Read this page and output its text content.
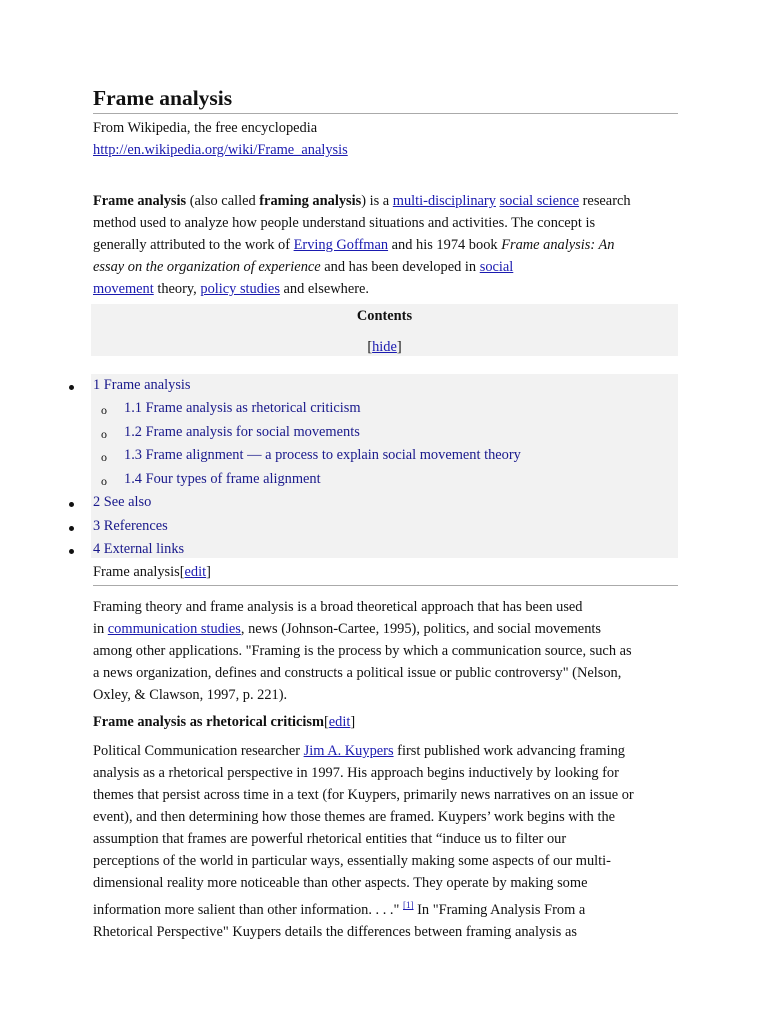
Frame analysis
From Wikipedia, the free encyclopedia
http://en.wikipedia.org/wiki/Frame_analysis
Frame analysis (also called framing analysis) is a multi-disciplinary social science research
method used to analyze how people understand situations and activities. The concept is
generally attributed to the work of Erving Goffman and his 1974 book Frame analysis: An
essay on the organization of experience and has been developed in social
movement theory, policy studies and elsewhere.
Contents
[hide]
1 Frame analysis
o 1.1 Frame analysis as rhetorical criticism
o 1.2 Frame analysis for social movements
o 1.3 Frame alignment — a process to explain social movement theory
o 1.4 Four types of frame alignment
2 See also
3 References
4 External links
Frame analysis[edit]
Framing theory and frame analysis is a broad theoretical approach that has been used
in communication studies, news (Johnson-Cartee, 1995), politics, and social movements
among other applications. "Framing is the process by which a communication source, such as
a news organization, defines and constructs a political issue or public controversy" (Nelson,
Oxley, & Clawson, 1997, p. 221).
Frame analysis as rhetorical criticism[edit]
Political Communication researcher Jim A. Kuypers first published work advancing framing
analysis as a rhetorical perspective in 1997. His approach begins inductively by looking for
themes that persist across time in a text (for Kuypers, primarily news narratives on an issue or
event), and then determining how those themes are framed. Kuypers’ work begins with the
assumption that frames are powerful rhetorical entities that “induce us to filter our
perceptions of the world in particular ways, essentially making some aspects of our multi-
dimensional reality more noticeable than other aspects. They operate by making some
information more salient than other information. . . ." [1] In "Framing Analysis From a
Rhetorical Perspective" Kuypers details the differences between framing analysis as
